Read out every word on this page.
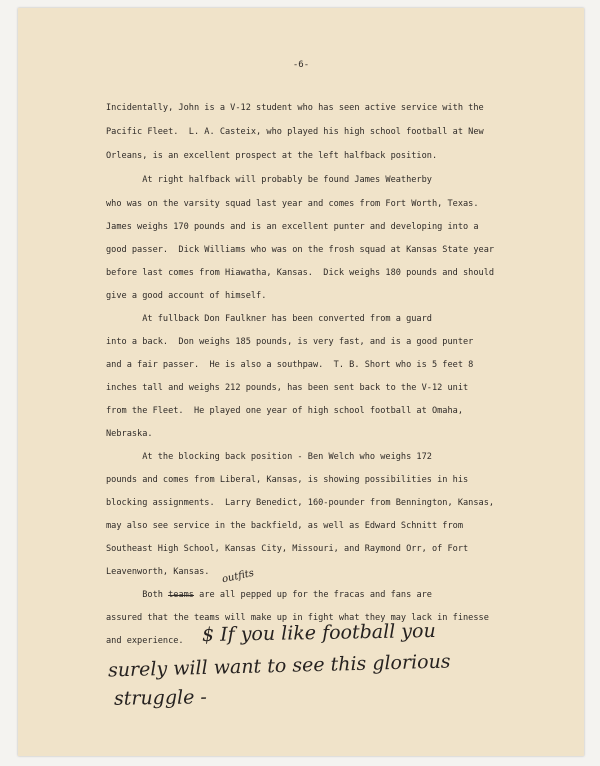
-6-
Incidentally, John is a V-12 student who has seen active service with the
Pacific Fleet.  L. A. Casteix, who played his high school football at New
Orleans, is an excellent prospect at the left halfback position.
At right halfback will probably be found James Weatherby
who was on the varsity squad last year and comes from Fort Worth, Texas.
James weighs 170 pounds and is an excellent punter and developing into a
good passer.  Dick Williams who was on the frosh squad at Kansas State year
before last comes from Hiawatha, Kansas.  Dick weighs 180 pounds and should
give a good account of himself.
At fullback Don Faulkner has been converted from a guard
into a back.  Don weighs 185 pounds, is very fast, and is a good punter
and a fair passer.  He is also a southpaw.  T. B. Short who is 5 feet 8
inches tall and weighs 212 pounds, has been sent back to the V-12 unit
from the Fleet.  He played one year of high school football at Omaha,
Nebraska.
At the blocking back position - Ben Welch who weighs 172
pounds and comes from Liberal, Kansas, is showing possibilities in his
blocking assignments.  Larry Benedict, 160-pounder from Bennington, Kansas,
may also see service in the backfield, as well as Edward Schnitt from
Southeast High School, Kansas City, Missouri, and Raymond Orr, of Fort
Leavenworth, Kansas. outfits
Both teams are all pepped up for the fracas and fans are
assured that the teams will make up in fight what they may lack in finesse
and experience. $ If you like football you
surely will want to see this glorious
struggle -
